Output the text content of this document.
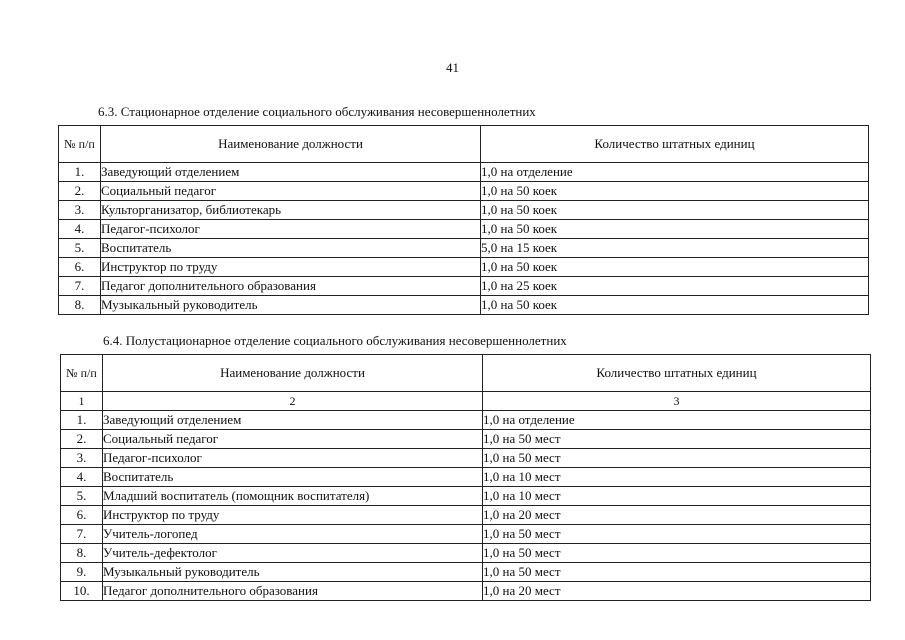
41
6.3. Стационарное отделение социального обслуживания несовершеннолетних
№ п/п	Наименование должности	Количество штатных единиц
1.	Заведующий отделением	1,0 на отделение
2.	Социальный педагог	1,0 на 50 коек
3.	Культорганизатор, библиотекарь	1,0 на 50 коек
4.	Педагог-психолог	1,0 на 50 коек
5.	Воспитатель	5,0 на 15 коек
6.	Инструктор по труду	1,0 на 50 коек
7.	Педагог дополнительного образования	1,0 на 25 коек
8.	Музыкальный руководитель	1,0 на 50 коек
6.4. Полустационарное отделение социального обслуживания несовершеннолетних
№ п/п	Наименование должности	Количество штатных единиц
1	2	3
1.	Заведующий отделением	1,0 на отделение
2.	Социальный педагог	1,0 на 50 мест
3.	Педагог-психолог	1,0 на 50 мест
4.	Воспитатель	1,0 на 10 мест
5.	Младший воспитатель (помощник воспитателя)	1,0 на 10 мест
6.	Инструктор по труду	1,0 на 20 мест
7.	Учитель-логопед	1,0 на 50 мест
8.	Учитель-дефектолог	1,0 на 50 мест
9.	Музыкальный руководитель	1,0 на 50 мест
10.	Педагог дополнительного образования	1,0 на 20 мест
